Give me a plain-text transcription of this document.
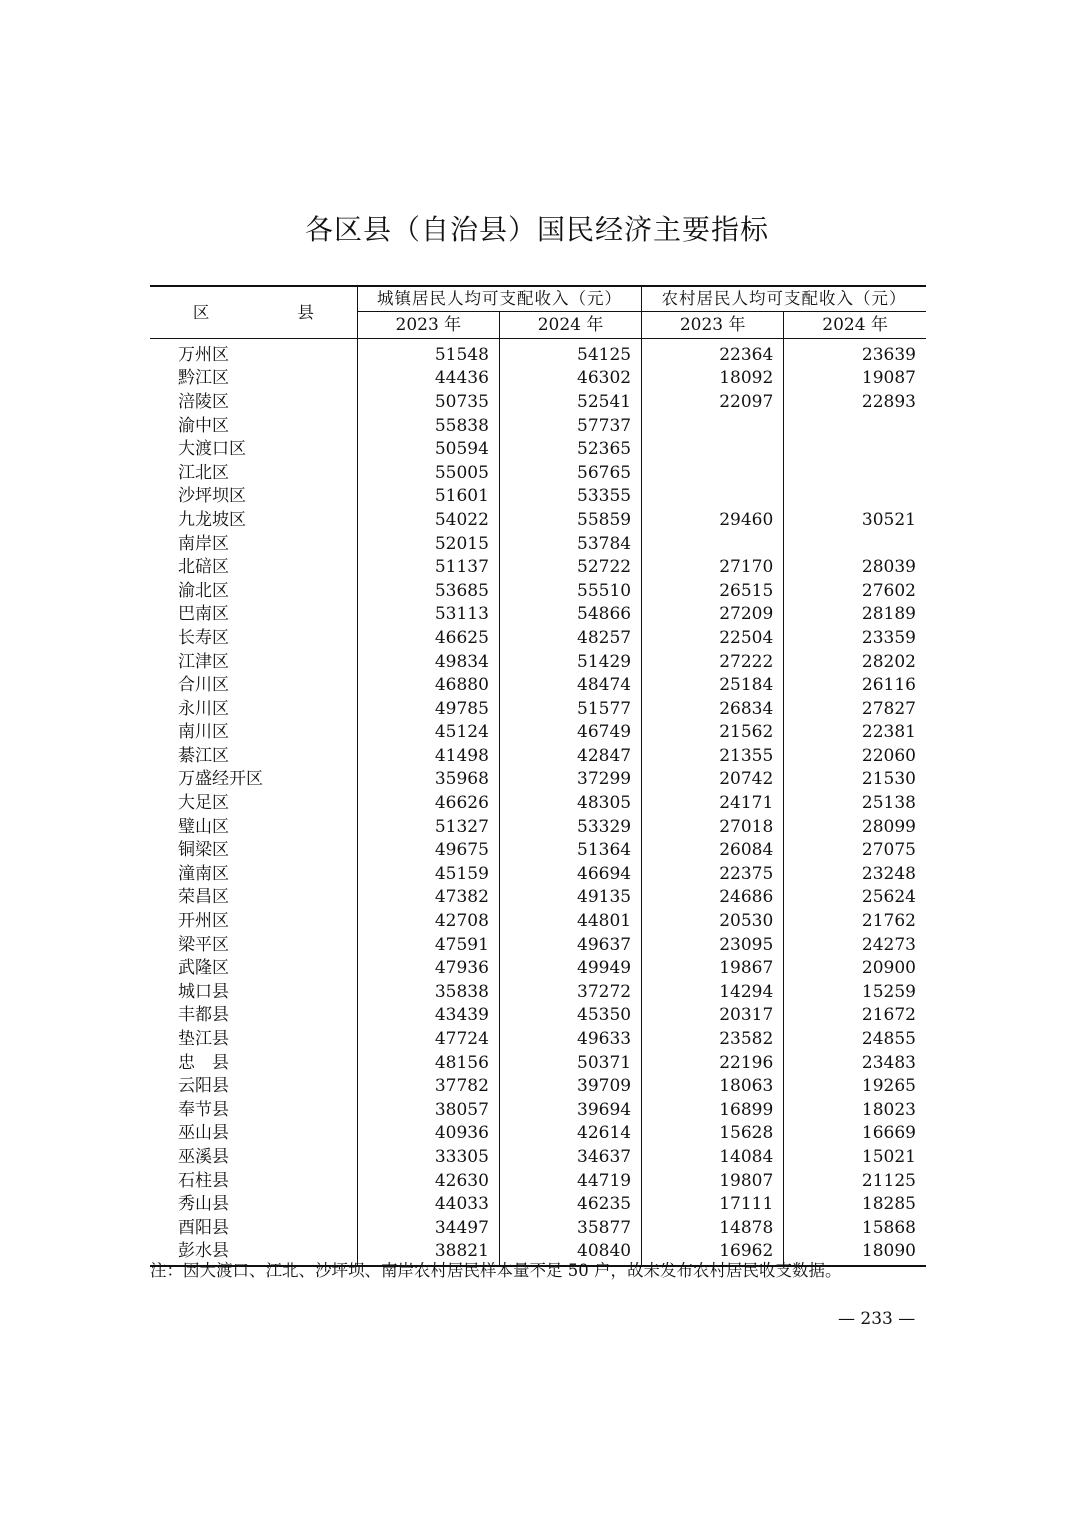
各区县（自治县）国民经济主要指标
区 县	城镇居民人均可支配收入（元）		农村居民人均可支配收入（元）	
	2023 年	2024 年	2023 年	2024 年
万州区	51548	54125	22364	23639
黔江区	44436	46302	18092	19087
涪陵区	50735	52541	22097	22893
渝中区	55838	57737		
大渡口区	50594	52365		
江北区	55005	56765		
沙坪坝区	51601	53355		
九龙坡区	54022	55859	29460	30521
南岸区	52015	53784		
北碚区	51137	52722	27170	28039
渝北区	53685	55510	26515	27602
巴南区	53113	54866	27209	28189
长寿区	46625	48257	22504	23359
江津区	49834	51429	27222	28202
合川区	46880	48474	25184	26116
永川区	49785	51577	26834	27827
南川区	45124	46749	21562	22381
綦江区	41498	42847	21355	22060
万盛经开区	35968	37299	20742	21530
大足区	46626	48305	24171	25138
璧山区	51327	53329	27018	28099
铜梁区	49675	51364	26084	27075
潼南区	45159	46694	22375	23248
荣昌区	47382	49135	24686	25624
开州区	42708	44801	20530	21762
梁平区	47591	49637	23095	24273
武隆区	47936	49949	19867	20900
城口县	35838	37272	14294	15259
丰都县	43439	45350	20317	21672
垫江县	47724	49633	23582	24855
忠　县	48156	50371	22196	23483
云阳县	37782	39709	18063	19265
奉节县	38057	39694	16899	18023
巫山县	40936	42614	15628	16669
巫溪县	33305	34637	14084	15021
石柱县	42630	44719	19807	21125
秀山县	44033	46235	17111	18285
酉阳县	34497	35877	14878	15868
彭水县	38821	40840	16962	18090
注：因大渡口、江北、沙坪坝、南岸农村居民样本量不足 50 户，故未发布农村居民收支数据。
— 233 —
